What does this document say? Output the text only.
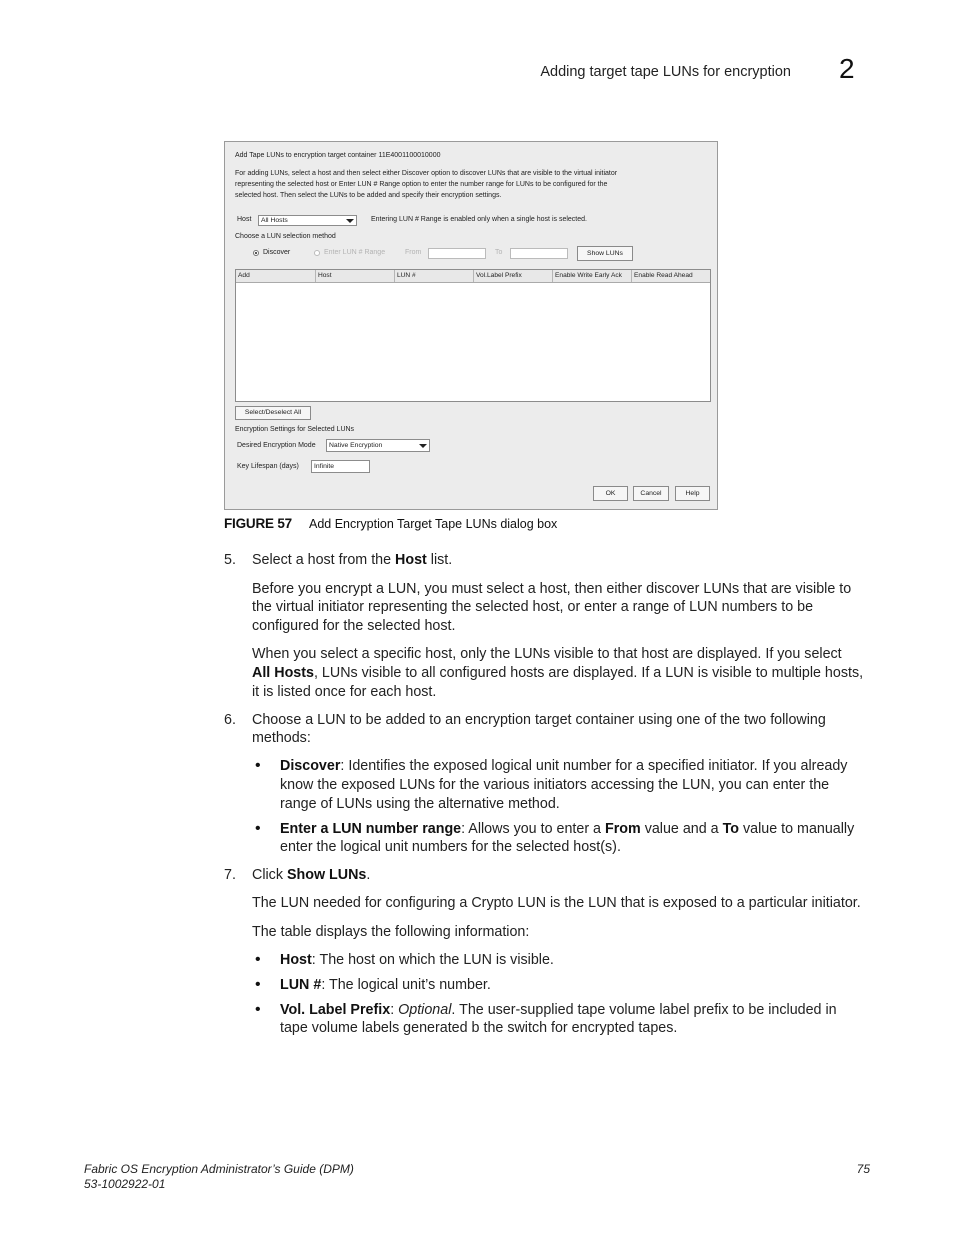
Adding target tape LUNs for encryption 2
Add Tape LUNs to encryption target container 11E4001100010000
For adding LUNs, select a host and then select either Discover option to discover LUNs that are visible to the virtual initiator
representing the selected host or Enter LUN # Range option to enter the number range for LUNs to be configured for the
selected host. Then select the LUNs to be added and specify their encryption settings.
Host	All Hosts	Entering LUN # Range is enabled only when a single host is selected.
Choose a LUN selection method
Discover	Enter LUN # Range	From	To	Show LUNs
Add	Host	LUN #	Vol.Label Prefix	Enable Write Early Ack	Enable Read Ahead
Select/Deselect All
Encryption Settings for Selected LUNs
Desired Encryption Mode	Native Encryption
Key Lifespan (days)	Infinite
OK	Cancel	Help
FIGURE 57 Add Encryption Target Tape LUNs dialog box
5. Select a host from the Host list.
Before you encrypt a LUN, you must select a host, then either discover LUNs that are visible to
the virtual initiator representing the selected host, or enter a range of LUN numbers to be
configured for the selected host.
When you select a specific host, only the LUNs visible to that host are displayed. If you select
All Hosts, LUNs visible to all configured hosts are displayed. If a LUN is visible to multiple hosts,
it is listed once for each host.
6. Choose a LUN to be added to an encryption target container using one of the two following
methods:
• Discover: Identifies the exposed logical unit number for a specified initiator. If you already
know the exposed LUNs for the various initiators accessing the LUN, you can enter the
range of LUNs using the alternative method.
• Enter a LUN number range: Allows you to enter a From value and a To value to manually
enter the logical unit numbers for the selected host(s).
7. Click Show LUNs.
The LUN needed for configuring a Crypto LUN is the LUN that is exposed to a particular initiator.
The table displays the following information:
• Host: The host on which the LUN is visible.
• LUN #: The logical unit’s number.
• Vol. Label Prefix: Optional. The user-supplied tape volume label prefix to be included in
tape volume labels generated b the switch for encrypted tapes.
Fabric OS Encryption Administrator’s Guide (DPM)
53-1002922-01
75
